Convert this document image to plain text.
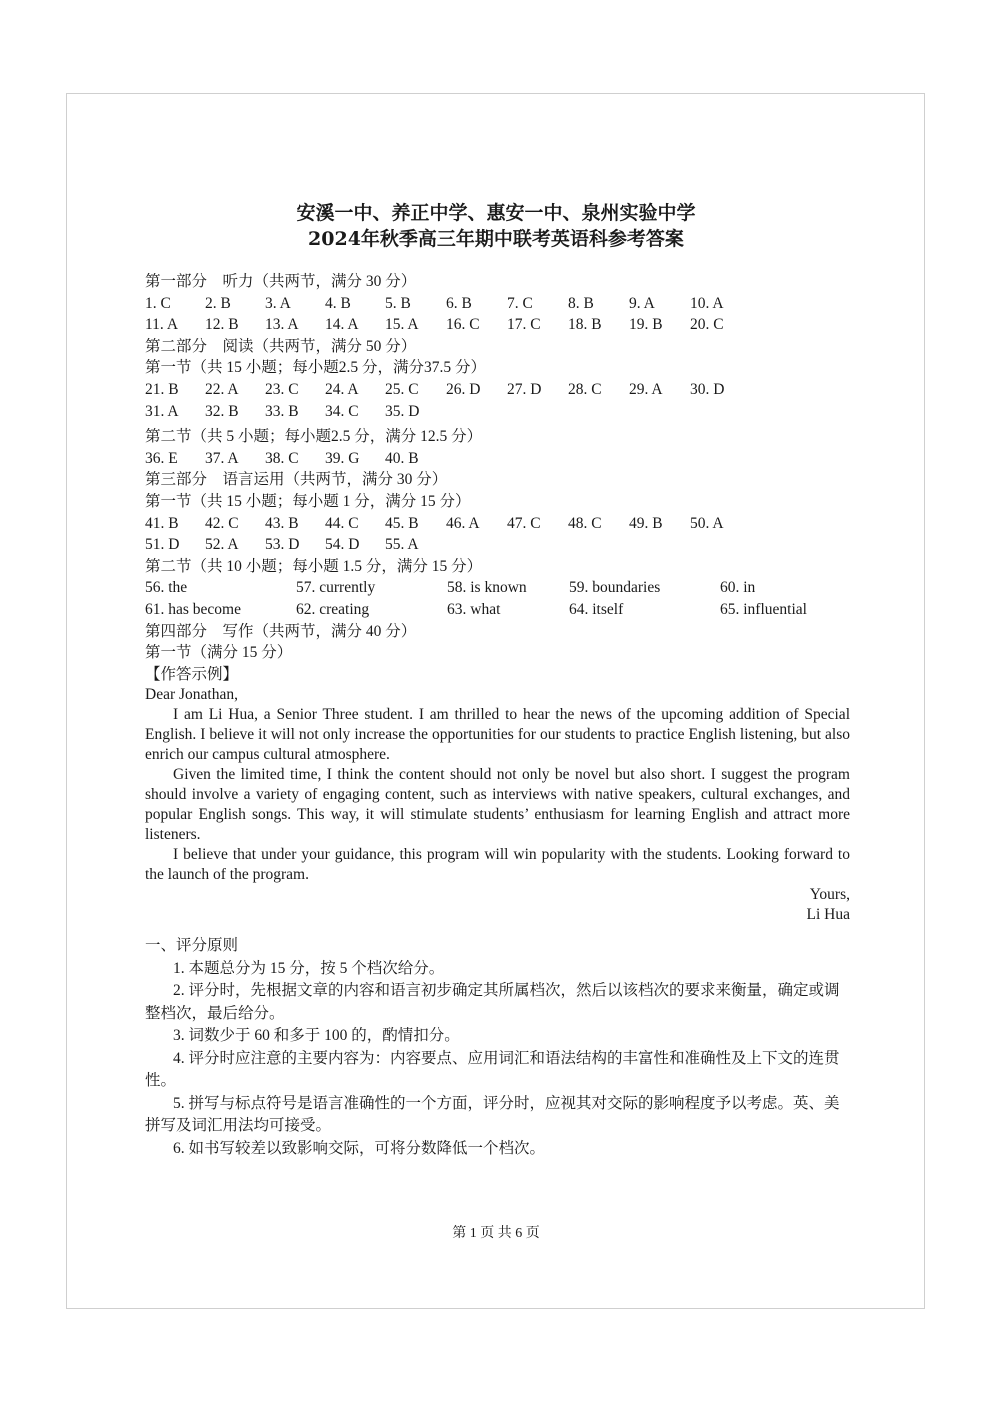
安溪一中、养正中学、惠安一中、泉州实验中学
2024年秋季高三年期中联考英语科参考答案
第一部分　听力（共两节，满分 30 分）
1. C 2. B 3. A 4. B 5. B 6. B 7. C 8. B 9. A 10. A
11. A 12. B 13. A 14. A 15. A 16. C 17. C 18. B 19. B 20. C
第二部分　阅读（共两节，满分 50 分）
第一节（共 15 小题；每小题2.5 分，满分37.5 分）
21. B 22. A 23. C 24. A 25. C 26. D 27. D 28. C 29. A 30. D
31. A 32. B 33. B 34. C 35. D
第二节（共 5 小题；每小题2.5 分，满分 12.5 分）
36. E 37. A 38. C 39. G 40. B
第三部分　语言运用（共两节，满分 30 分）
第一节（共 15 小题；每小题 1 分，满分 15 分）
41. B 42. C 43. B 44. C 45. B 46. A 47. C 48. C 49. B 50. A
51. D 52. A 53. D 54. D 55. A
第二节（共 10 小题；每小题 1.5 分，满分 15 分）
56. the	57. currently	58. is known	59. boundaries	60. in
61. has become	62. creating	63. what	64. itself	65. influential
第四部分　写作（共两节，满分 40 分）
第一节（满分 15 分）
【作答示例】
Dear Jonathan,

I am Li Hua, a Senior Three student. I am thrilled to hear the news of the upcoming addition of Special English. I believe it will not only increase the opportunities for our students to practice English listening, but also enrich our campus cultural atmosphere.

Given the limited time, I think the content should not only be novel but also short. I suggest the program should involve a variety of engaging content, such as interviews with native speakers, cultural exchanges, and popular English songs. This way, it will stimulate students’ enthusiasm for learning English and attract more listeners.

I believe that under your guidance, this program will win popularity with the students. Looking forward to the launch of the program.

Yours,
Li Hua
一、评分原则

1. 本题总分为 15 分，按 5 个档次给分。

2. 评分时，先根据文章的内容和语言初步确定其所属档次，然后以该档次的要求来衡量，确定或调整档次，最后给分。

3. 词数少于 60 和多于 100 的，酌情扣分。

4. 评分时应注意的主要内容为：内容要点、应用词汇和语法结构的丰富性和准确性及上下文的连贯性。

5. 拼写与标点符号是语言准确性的一个方面，评分时，应视其对交际的影响程度予以考虑。英、美拼写及词汇用法均可接受。

6. 如书写较差以致影响交际，可将分数降低一个档次。

第 1 页 共 6 页
